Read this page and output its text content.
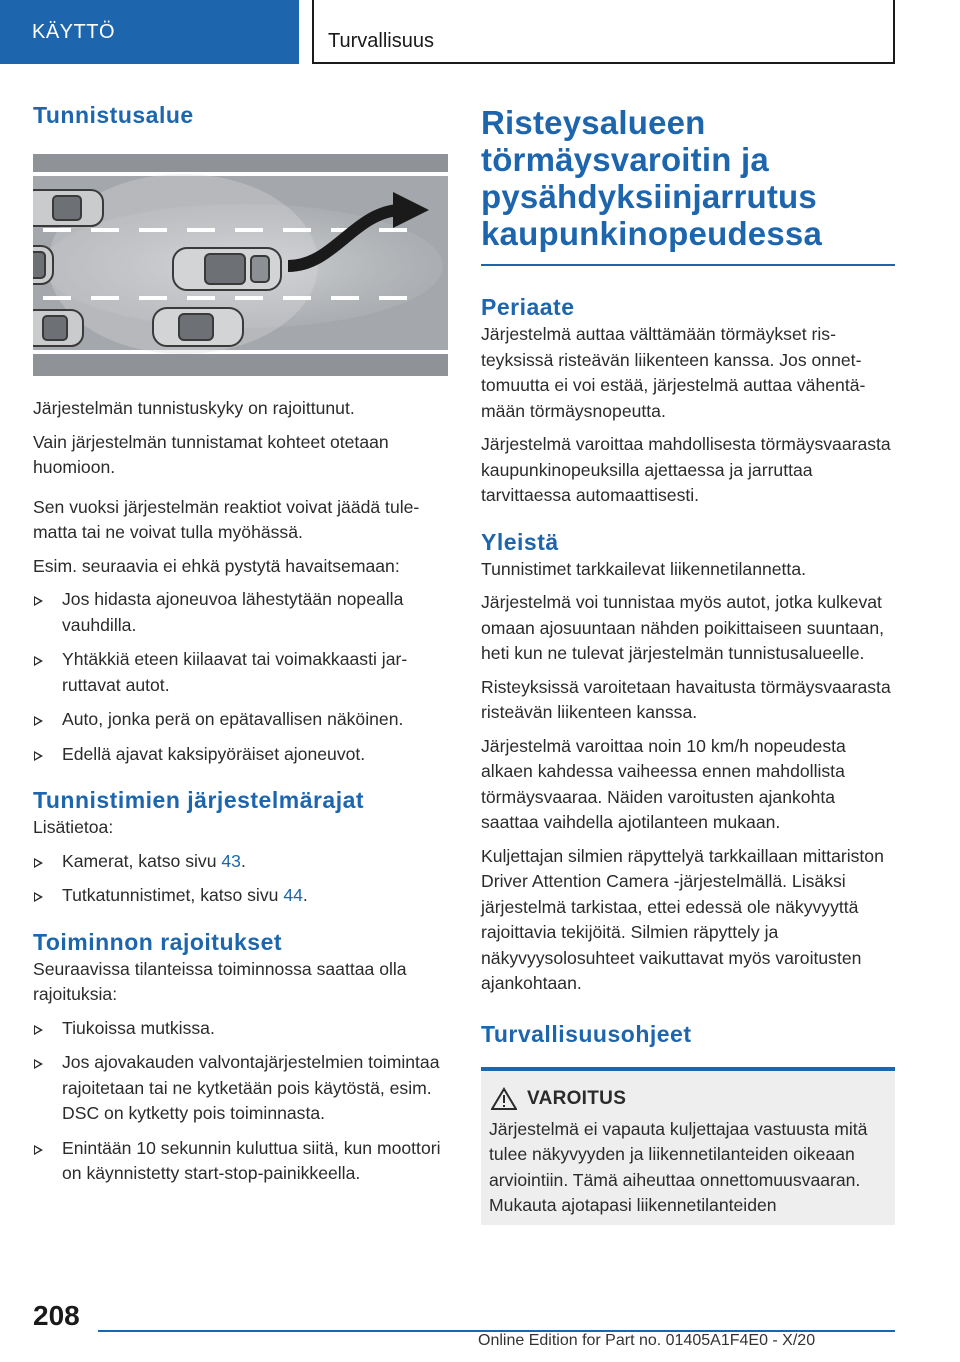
KÄYTTÖ	Turvallisuus
Tunnistusalue

Järjestelmän tunnistuskyky on rajoittunut.

Vain järjestelmän tunnistamat kohteet otetaan huomioon.

Sen vuoksi järjestelmän reaktiot voivat jäädä tulematta tai ne voivat tulla myöhässä.

Esim. seuraavia ei ehkä pystytä havaitsemaan:

Jos hidasta ajoneuvoa lähestytään nopealla vauhdilla.
Yhtäkkiä eteen kiilaavat tai voimakkaasti jarruttavat autot.
Auto, jonka perä on epätavallisen näköinen.
Edellä ajavat kaksipyöräiset ajoneuvot.
Tunnistimien järjestelmärajat

Lisätietoa:

Kamerat, katso sivu 43.
Tutkatunnistimet, katso sivu 44.
Toiminnon rajoitukset

Seuraavissa tilanteissa toiminnossa saattaa olla rajoituksia:

Tiukoissa mutkissa.
Jos ajovakauden valvontajärjestelmien toimintaa rajoitetaan tai ne kytketään pois käytöstä, esim. DSC on kytketty pois toiminnasta.
Enintään 10 sekunnin kuluttua siitä, kun moottori on käynnistetty start-stop-painikkeella.
Risteysalueen törmäysvaroitin ja pysähdyksiinjarrutus kaupunkinopeudessa
Periaate

Järjestelmä auttaa välttämään törmäykset risteyksissä risteävän liikenteen kanssa. Jos onnettomuutta ei voi estää, järjestelmä auttaa vähentämään törmäysnopeutta.

Järjestelmä varoittaa mahdollisesta törmäysvaarasta kaupunkinopeuksilla ajettaessa ja jarruttaa tarvittaessa automaattisesti.

Yleistä

Tunnistimet tarkkailevat liikennetilannetta.

Järjestelmä voi tunnistaa myös autot, jotka kulkevat omaan ajosuuntaan nähden poikittaiseen suuntaan, heti kun ne tulevat järjestelmän tunnistusalueelle.

Risteyksissä varoitetaan havaitusta törmäysvaarasta risteävän liikenteen kanssa.

Järjestelmä varoittaa noin 10 km/h nopeudesta alkaen kahdessa vaiheessa ennen mahdollista törmäysvaaraa. Näiden varoitusten ajankohta saattaa vaihdella ajotilanteen mukaan.

Kuljettajan silmien räpyttelyä tarkkaillaan mittariston Driver Attention Camera -järjestelmällä. Lisäksi järjestelmä tarkistaa, ettei edessä ole näkyvyyttä rajoittavia tekijöitä. Silmien räpyttely ja näkyvyysolosuhteet vaikuttavat myös varoitusten ajankohtaan.

Turvallisuusohjeet
VAROITUS

Järjestelmä ei vapauta kuljettajaa vastuusta mitä tulee näkyvyyden ja liikennetilanteiden oikeaan arviointiin. Tämä aiheuttaa onnettomuusvaaran. Mukauta ajotapasi liikennetilanteiden

208
Online Edition for Part no. 01405A1F4E0 - X/20
